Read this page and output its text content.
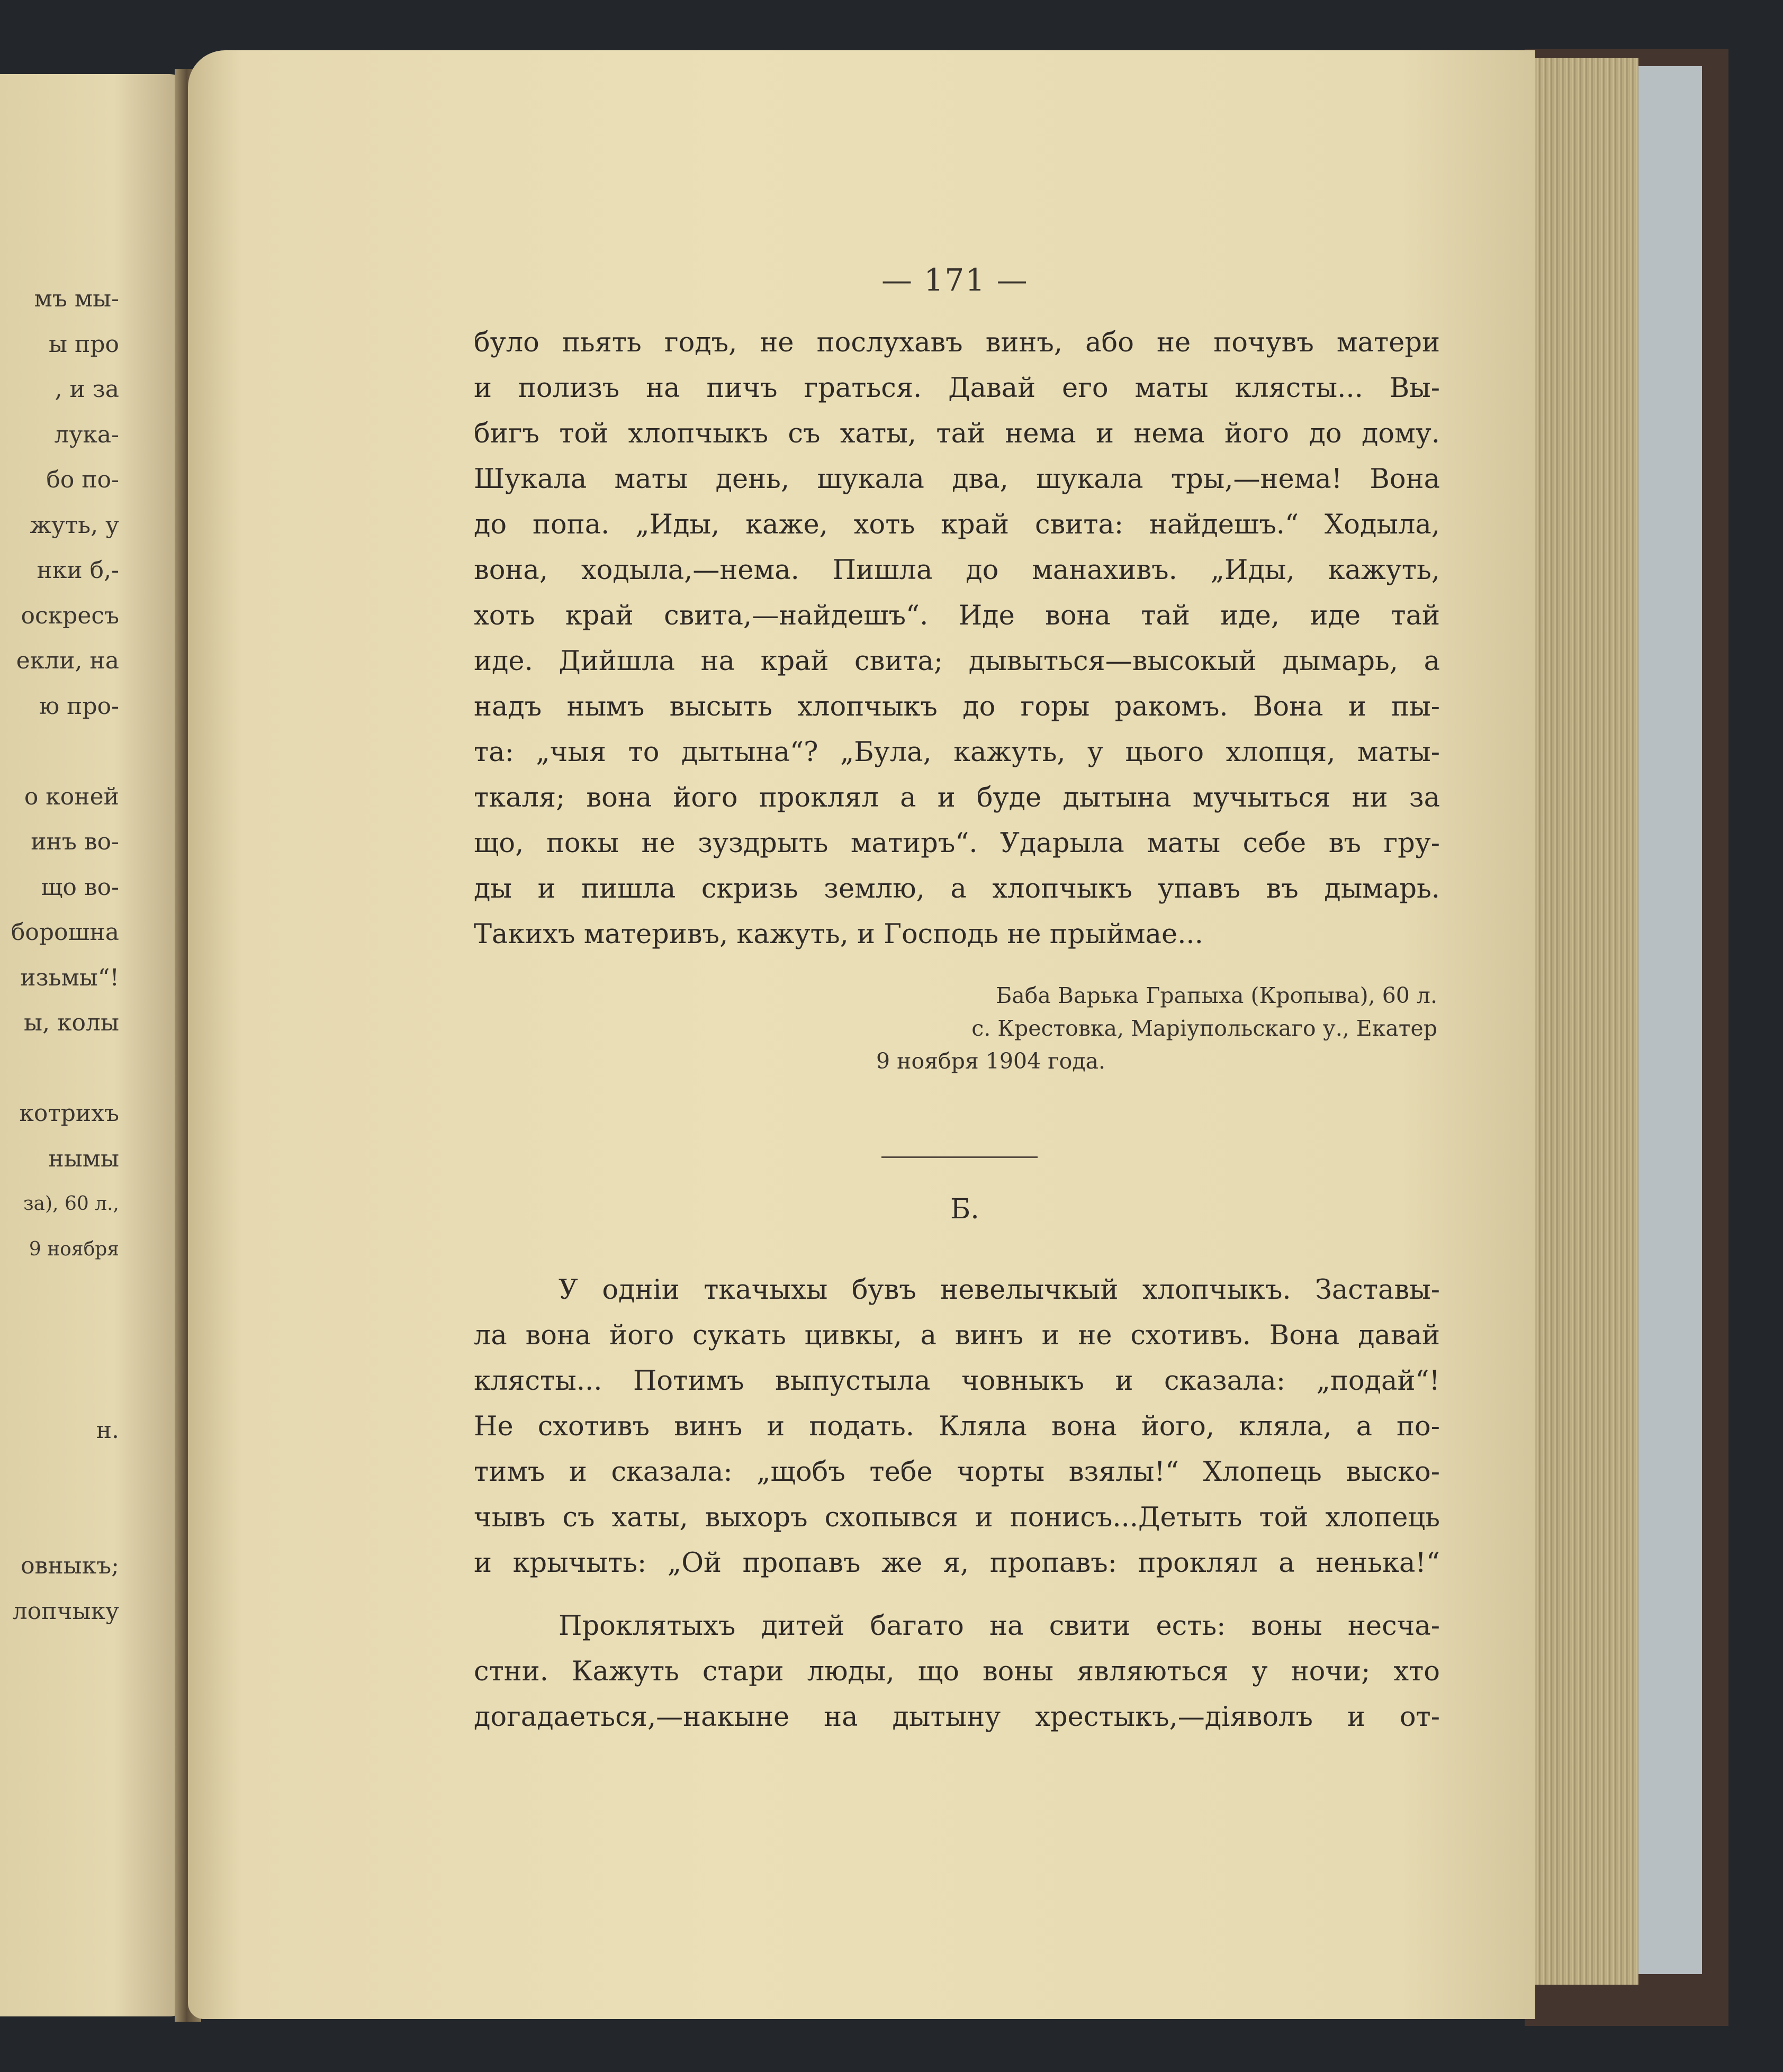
мъ мы-
ы про
, и за
лука-
бо по-
жуть, у
нки б,-
оскресъ
екли, на
ю про-
о коней
инъ во-
що во-
борошна
изьмы“!
ы, колы
котрихъ
нымы
за), 60 л.,
9 ноября
н.
овныкъ;
лопчыку
— 171 —
було пьять годъ, не послухавъ винъ, або не почувъ матери
и полизъ на пичъ граться. Давай его маты клясты... Вы-
бигъ той хлопчыкъ съ хаты, тай нема и нема його до дому.
Шукала маты день, шукала два, шукала тры,—нема! Вона
до попа. „Иды, каже, хоть край свита: найдешъ.“ Ходыла,
вона, ходыла,—нема. Пишла до манахивъ. „Иды, кажуть,
хоть край свита,—найдешъ“. Иде вона тай иде, иде тай
иде. Дийшла на край свита; дывыться—высокый дымарь, а
надъ нымъ высыть хлопчыкъ до горы ракомъ. Вона и пы-
та: „чыя то дытына“? „Була, кажуть, у цього хлопця, маты-
ткаля; вона його проклял а и буде дытына мучыться ни за
що, покы не зуздрыть матиръ“. Ударыла маты себе въ гру-
ды и пишла скризь землю, а хлопчыкъ упавъ въ дымарь.
Такихъ материвъ, кажуть, и Господь не прыймае...
Баба Варька Грапыха (Кропыва), 60 л.
с. Крестовка, Маріупольскаго у., Екатер
9 ноября 1904 года.
Б.
У одніи ткачыхы бувъ невелычкый хлопчыкъ. Заставы-
ла вона його сукать цивкы, а винъ и не схотивъ. Вона давай
клясты... Потимъ выпустыла човныкъ и сказала: „подай“!
Не схотивъ винъ и подать. Кляла вона його, кляла, а по-
тимъ и сказала: „щобъ тебе чорты взялы!“ Хлопець выско-
чывъ съ хаты, выхоръ схопывся и понисъ...Детыть той хлопець
и крычыть: „Ой пропавъ же я, пропавъ: проклял а ненька!“
Проклятыхъ дитей багато на свити есть: воны несча-
стни. Кажуть стари люды, що воны являються у ночи; хто
догадаеться,—накыне на дытыну хрестыкъ,—діяволъ и от-
